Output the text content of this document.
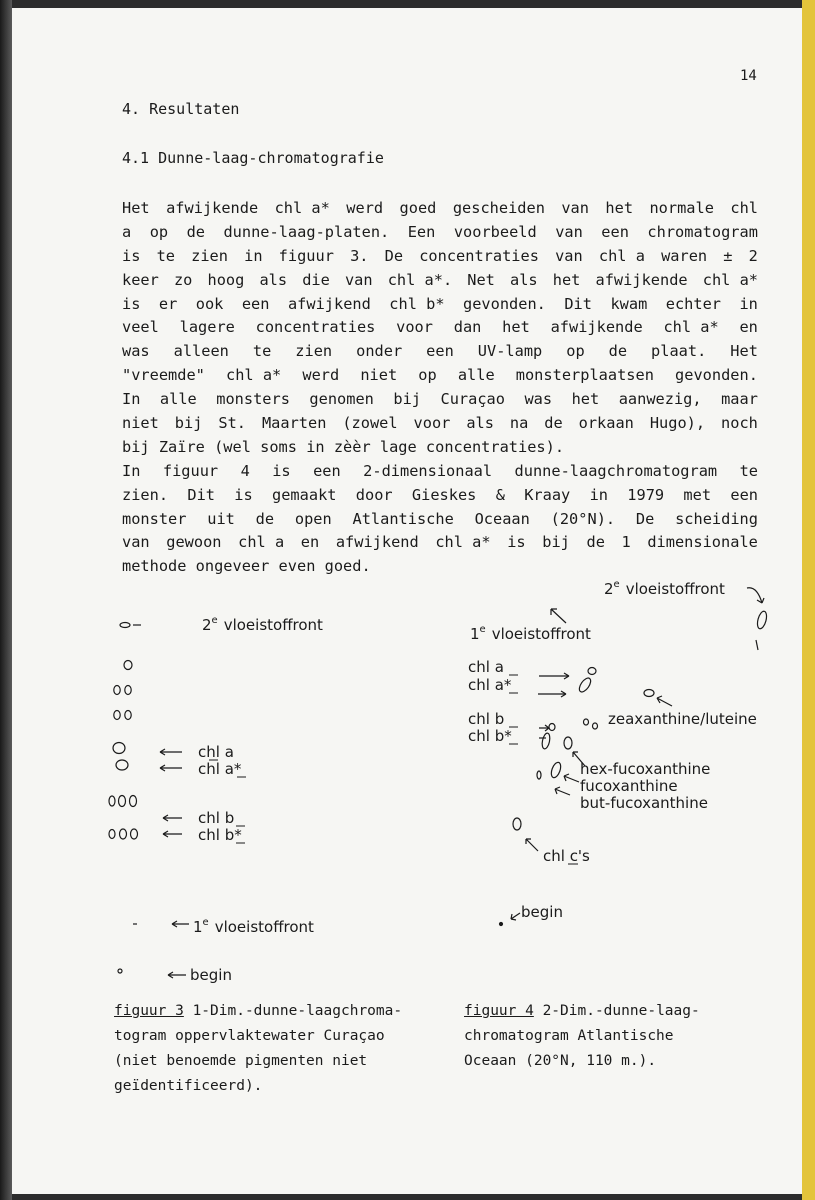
14
4. Resultaten
4.1 Dunne-laag-chromatografie
Het afwijkende chl a* werd goed gescheiden van het normale chl
a op de dunne-laag-platen. Een voorbeeld van een chromatogram
is te zien in figuur 3. De concentraties van chl a waren ± 2
keer zo hoog als die van chl a*. Net als het afwijkende chl a*
is er ook een afwijkend chl b* gevonden. Dit kwam echter in
veel lagere concentraties voor dan het afwijkende chl a* en
was alleen te zien onder een UV-lamp op de plaat. Het
"vreemde" chl a* werd niet op alle monsterplaatsen gevonden.
In alle monsters genomen bij Curaçao was het aanwezig, maar
niet bij St. Maarten (zowel voor als na de orkaan Hugo), noch
bij Zaïre (wel soms in zèèr lage concentraties).
In figuur 4 is een 2-dimensionaal dunne-laagchromatogram te
zien. Dit is gemaakt door Gieskes & Kraay in 1979 met een
monster uit de open Atlantische Oceaan (20°N). De scheiding
van gewoon chl a en afwijkend chl a* is bij de 1 dimensionale
methode ongeveer even goed.
2e vloeistoffront
chl a
chl a*
chl b
chl b*
1e vloeistoffront
begin
2e vloeistoffront
1e vloeistoffront
chl a
chl a*
zeaxanthine/luteine
chl b
chl b*
hex-fucoxanthine
fucoxanthine
but-fucoxanthine
chl c's
begin
figuur 3 1-Dim.-dunne-laagchroma-
togram oppervlaktewater Curaçao
(niet benoemde pigmenten niet
geïdentificeerd).
figuur 4 2-Dim.-dunne-laag-
chromatogram Atlantische
Oceaan (20°N, 110 m.).
